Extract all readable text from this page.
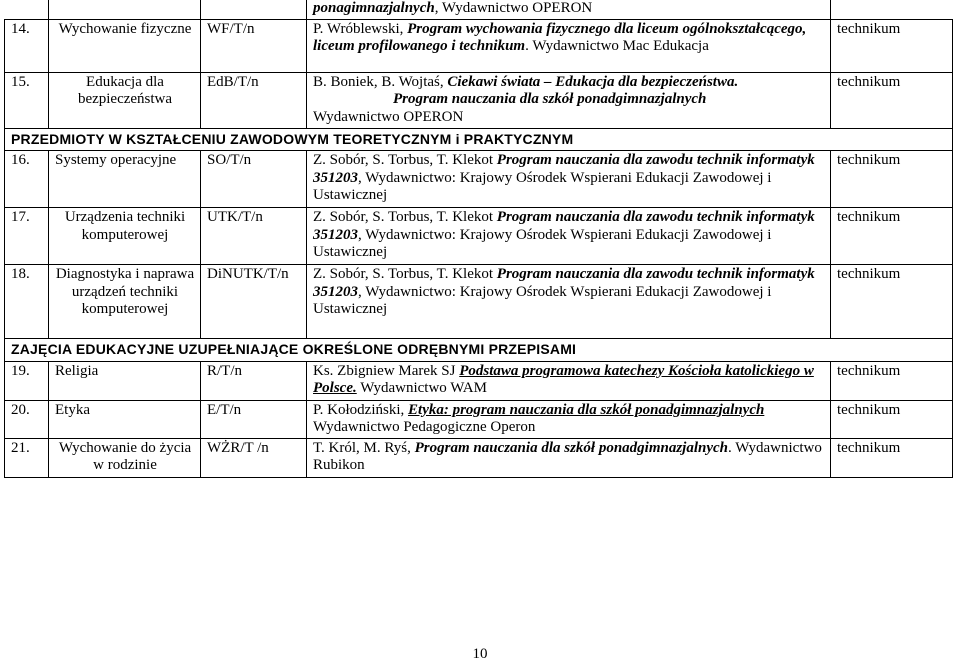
			ponagimnazjalnych, Wydawnictwo OPERON	
14.	Wychowanie fizyczne	WF/T/n	P. Wróblewski, Program wychowania fizycznego dla liceum ogólnokształcącego, liceum profilowanego i technikum. Wydawnictwo Mac Edukacja	technikum
15.	Edukacja dla bezpieczeństwa	EdB/T/n	B. Boniek, B. Wojtaś, Ciekawi świata – Edukacja dla bezpieczeństwa.
Program nauczania dla szkół ponadgimnazjalnych
Wydawnictwo OPERON	technikum
PRZEDMIOTY W KSZTAŁCENIU ZAWODOWYM TEORETYCZNYM i PRAKTYCZNYM				
16.	Systemy operacyjne	SO/T/n	Z. Sobór, S. Torbus, T. Klekot Program nauczania dla zawodu technik informatyk 351203, Wydawnictwo: Krajowy Ośrodek Wspierani Edukacji Zawodowej i Ustawicznej	technikum
17.	Urządzenia techniki komputerowej	UTK/T/n	Z. Sobór, S. Torbus, T. Klekot Program nauczania dla zawodu technik informatyk 351203, Wydawnictwo: Krajowy Ośrodek Wspierani Edukacji Zawodowej i Ustawicznej	technikum
18.	Diagnostyka i naprawa urządzeń techniki komputerowej	DiNUTK/T/n	Z. Sobór, S. Torbus, T. Klekot Program nauczania dla zawodu technik informatyk 351203, Wydawnictwo: Krajowy Ośrodek Wspierani Edukacji Zawodowej i Ustawicznej	technikum
ZAJĘCIA EDUKACYJNE UZUPEŁNIAJĄCE OKREŚLONE ODRĘBNYMI PRZEPISAMI				
19.	Religia	R/T/n	Ks. Zbigniew Marek SJ Podstawa programowa katechezy Kościoła katolickiego w Polsce. Wydawnictwo WAM	technikum
20.	Etyka	E/T/n	P. Kołodziński, Etyka: program nauczania dla szkół ponadgimnazjalnych Wydawnictwo Pedagogiczne Operon	technikum
21.	Wychowanie do życia w rodzinie	WŻR/T /n	T. Król, M. Ryś, Program nauczania dla szkół ponadgimnazjalnych. Wydawnictwo Rubikon	technikum
10
